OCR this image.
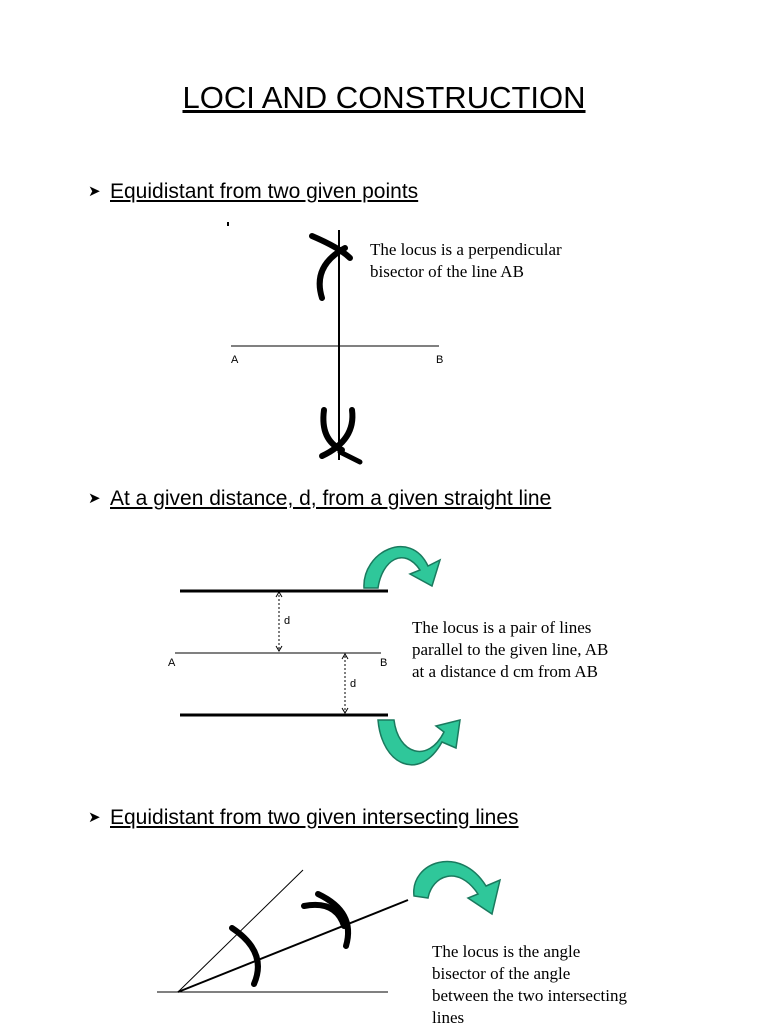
LOCI AND CONSTRUCTION
➤ Equidistant from two given points
The locus is a perpendicular
bisector of the line AB
A	B
➤ At a given distance, d, from a given straight line
The locus is a pair of lines
parallel to the given line, AB
at a distance d cm from AB
A	B
d
d
➤ Equidistant from two given intersecting lines
The locus is the angle
bisector of the angle
between the two intersecting
lines
